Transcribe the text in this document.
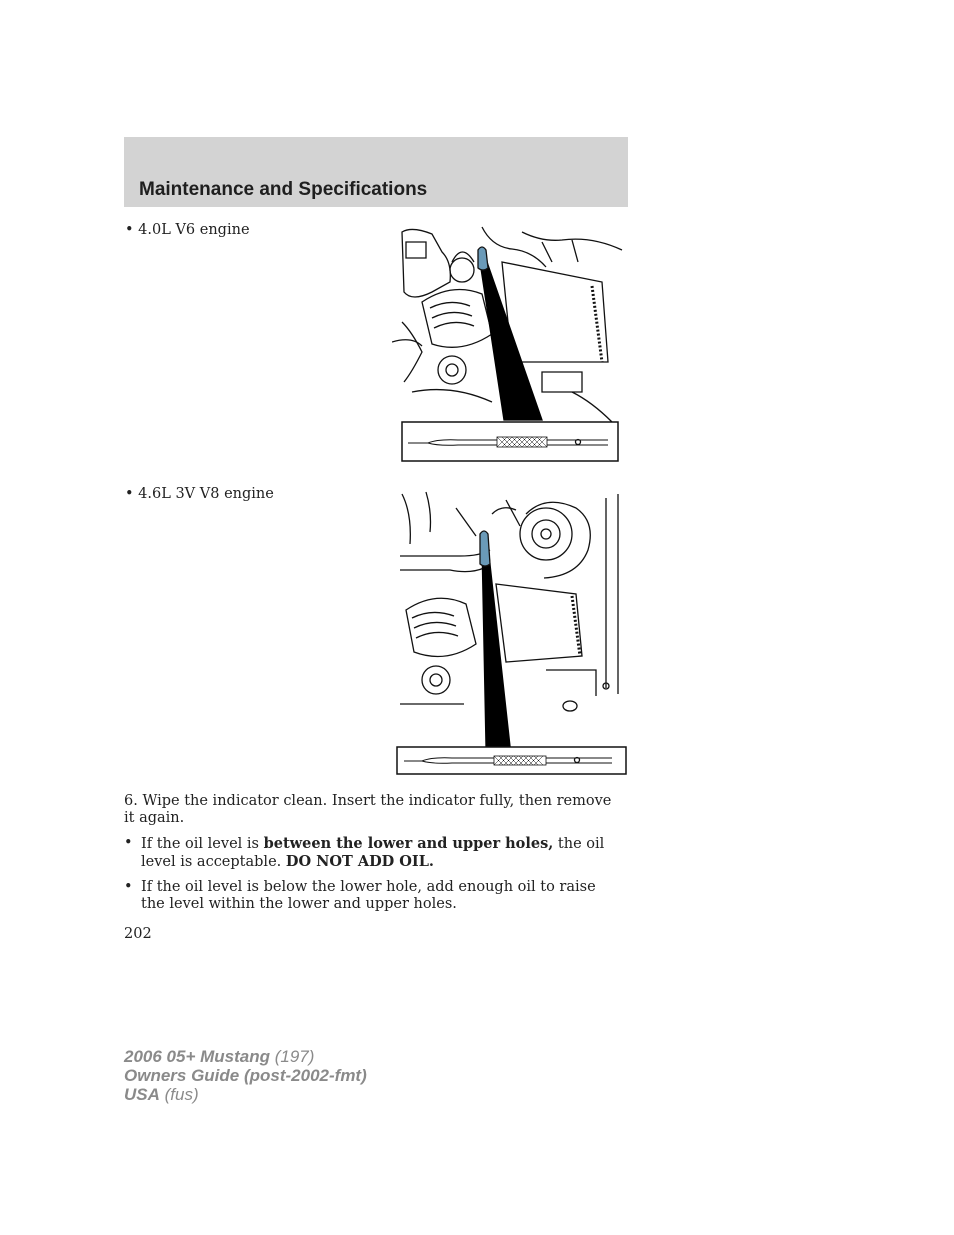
Maintenance and Specifications
• 4.0L V6 engine
• 4.6L 3V V8 engine

6. Wipe the indicator clean. Insert the indicator fully, then remove it again.

• If the oil level is between the lower and upper holes, the oil level is acceptable. DO NOT ADD OIL.
• If the oil level is below the lower hole, add enough oil to raise the level within the lower and upper holes.
202
2006 05+ Mustang (197)
Owners Guide (post-2002-fmt)
USA (fus)
